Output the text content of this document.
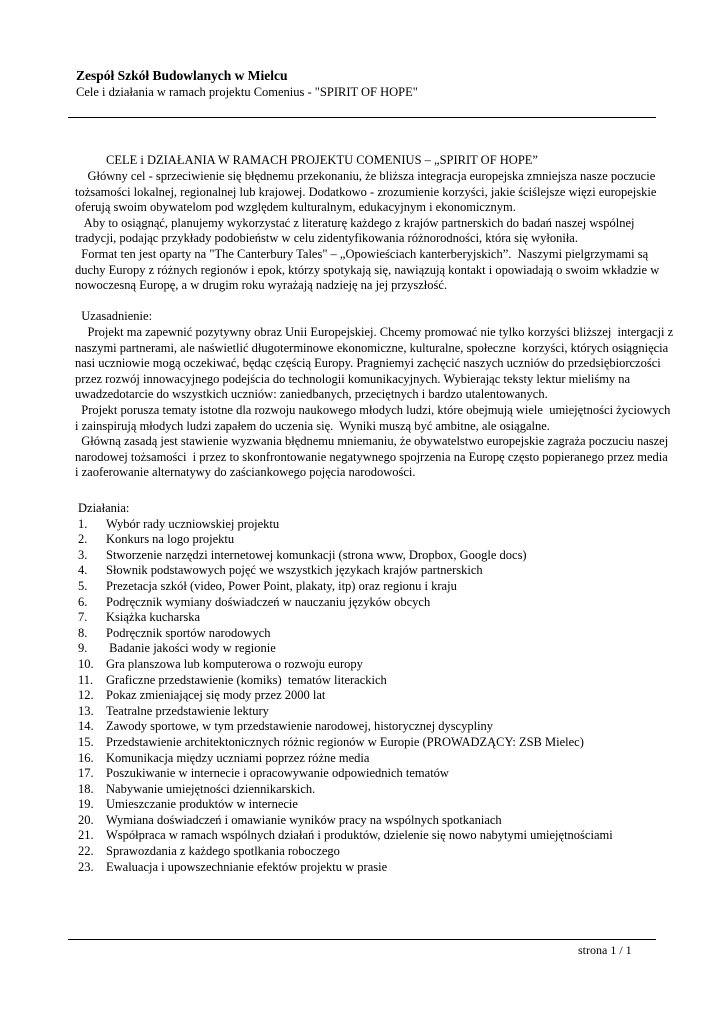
Zespół Szkół Budowlanych w Mielcu
Cele i działania w ramach projektu Comenius - "SPIRIT OF HOPE"
CELE i DZIAŁANIA W RAMACH PROJEKTU COMENIUS – „SPIRIT OF HOPE”
Główny cel - sprzeciwienie się błędnemu przekonaniu, że bliższa integracja europejska zmniejsza nasze poczucie
tożsamości lokalnej, regionalnej lub krajowej. Dodatkowo - zrozumienie korzyści, jakie ściślejsze więzi europejskie
oferują swoim obywatelom pod względem kulturalnym, edukacyjnym i ekonomicznym.
Aby to osiągnąć, planujemy wykorzystać z literaturę każdego z krajów partnerskich do badań naszej wspólnej
tradycji, podając przykłady podobieństw w celu zidentyfikowania różnorodności, która się wyłoniła.
Format ten jest oparty na "The Canterbury Tales" – „Opowieściach kanterberyjskich”.  Naszymi pielgrzymami są
duchy Europy z różnych regionów i epok, którzy spotykają się, nawiązują kontakt i opowiadają o swoim wkładzie w
nowoczesną Europę, a w drugim roku wyrażają nadzieję na jej przyszłość.
Uzasadnienie:
Projekt ma zapewnić pozytywny obraz Unii Europejskiej. Chcemy promować nie tylko korzyści bliższej  intergacji z
naszymi partnerami, ale naświetlić długoterminowe ekonomiczne, kulturalne, społeczne  korzyści, których osiągnięcia
nasi uczniowie mogą oczekiwać, będąc częścią Europy. Pragniemyi zachęcić naszych uczniów do przedsiębiorczości
przez rozwój innowacyjnego podejścia do technologii komunikacyjnych. Wybierając teksty lektur mieliśmy na
uwadzedotarcie do wszystkich uczniów: zaniedbanych, przeciętnych i bardzo utalentowanych.
Projekt porusza tematy istotne dla rozwoju naukowego młodych ludzi, które obejmują wiele  umiejętności życiowych
i zainspirują młodych ludzi zapałem do uczenia się.  Wyniki muszą być ambitne, ale osiągalne.
Główną zasadą jest stawienie wyzwania błędnemu mniemaniu, że obywatelstwo europejskie zagraża poczuciu naszej
narodowej tożsamości  i przez to skonfrontowanie negatywnego spojrzenia na Europę często popieranego przez media
i zaoferowanie alternatywy do zaściankowego pojęcia narodowości.
Działania:
1. Wybór rady uczniowskiej projektu
2. Konkurs na logo projektu
3. Stworzenie narzędzi internetowej komunkacji (strona www, Dropbox, Google docs)
4. Słownik podstawowych pojęć we wszystkich językach krajów partnerskich
5. Prezetacja szkół (video, Power Point, plakaty, itp) oraz regionu i kraju
6. Podręcznik wymiany doświadczeń w nauczaniu języków obcych
7. Książka kucharska
8. Podręcznik sportów narodowych
9. Badanie jakości wody w regionie
10. Gra planszowa lub komputerowa o rozwoju europy
11. Graficzne przedstawienie (komiks)  tematów literackich
12. Pokaz zmieniającej się mody przez 2000 lat
13. Teatralne przedstawienie lektury
14. Zawody sportowe, w tym przedstawienie narodowej, historycznej dyscypliny
15. Przedstawienie architektonicznych różnic regionów w Europie (PROWADZĄCY: ZSB Mielec)
16. Komunikacja między uczniami poprzez różne media
17. Poszukiwanie w internecie i opracowywanie odpowiednich tematów
18. Nabywanie umiejętności dziennikarskich.
19. Umieszczanie produktów w internecie
20. Wymiana doświadczeń i omawianie wyników pracy na wspólnych spotkaniach
21. Współpraca w ramach wspólnych działań i produktów, dzielenie się nowo nabytymi umiejętnościami
22. Sprawozdania z każdego spotlkania roboczego
23. Ewaluacja i upowszechnianie efektów projektu w prasie
strona 1 / 1
